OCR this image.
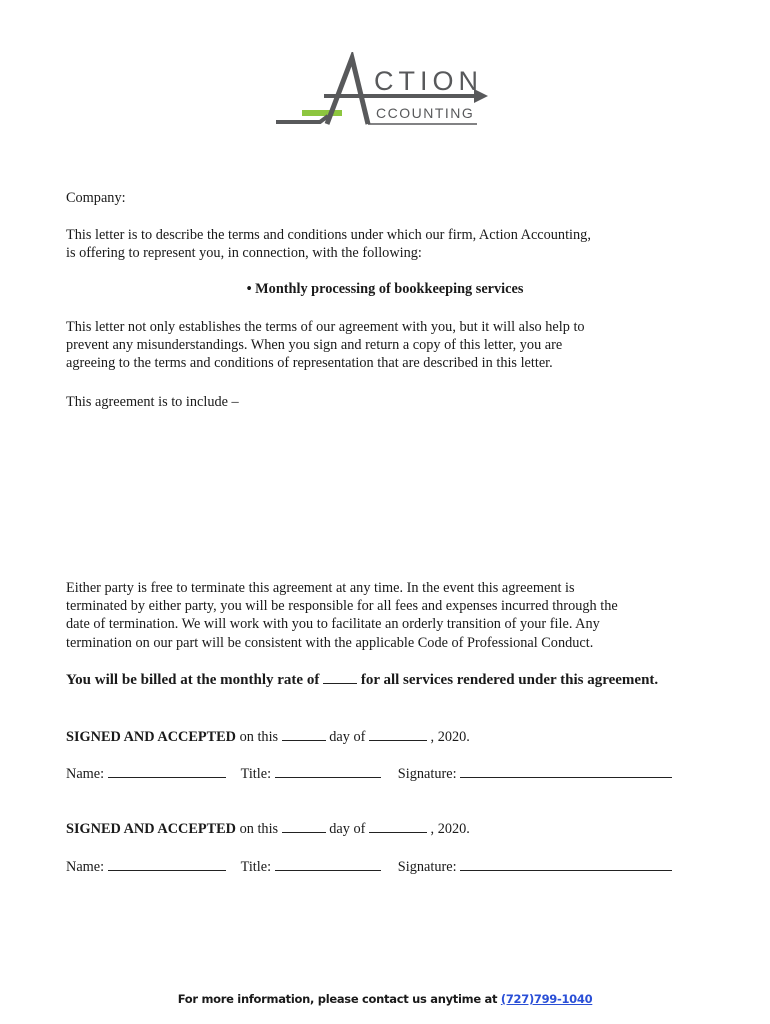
CTION
CCOUNTING
Company:
This letter is to describe the terms and conditions under which our firm, Action Accounting,
is offering to represent you, in connection, with the following:
• Monthly processing of bookkeeping services
This letter not only establishes the terms of our agreement with you, but it will also help to
prevent any misunderstandings. When you sign and return a copy of this letter, you are
agreeing to the terms and conditions of representation that are described in this letter.
This agreement is to include –
Either party is free to terminate this agreement at any time. In the event this agreement is
terminated by either party, you will be responsible for all fees and expenses incurred through the
date of termination. We will work with you to facilitate an orderly transition of your file. Any
termination on our part will be consistent with the applicable Code of Professional Conduct.
You will be billed at the monthly rate of	for all services rendered under this agreement.
SIGNED AND ACCEPTED on this	day of	, 2020.
Name:	Title:	Signature:
SIGNED AND ACCEPTED on this	day of	, 2020.
Name:	Title:	Signature:
For more information, please contact us anytime at (727)799-1040
